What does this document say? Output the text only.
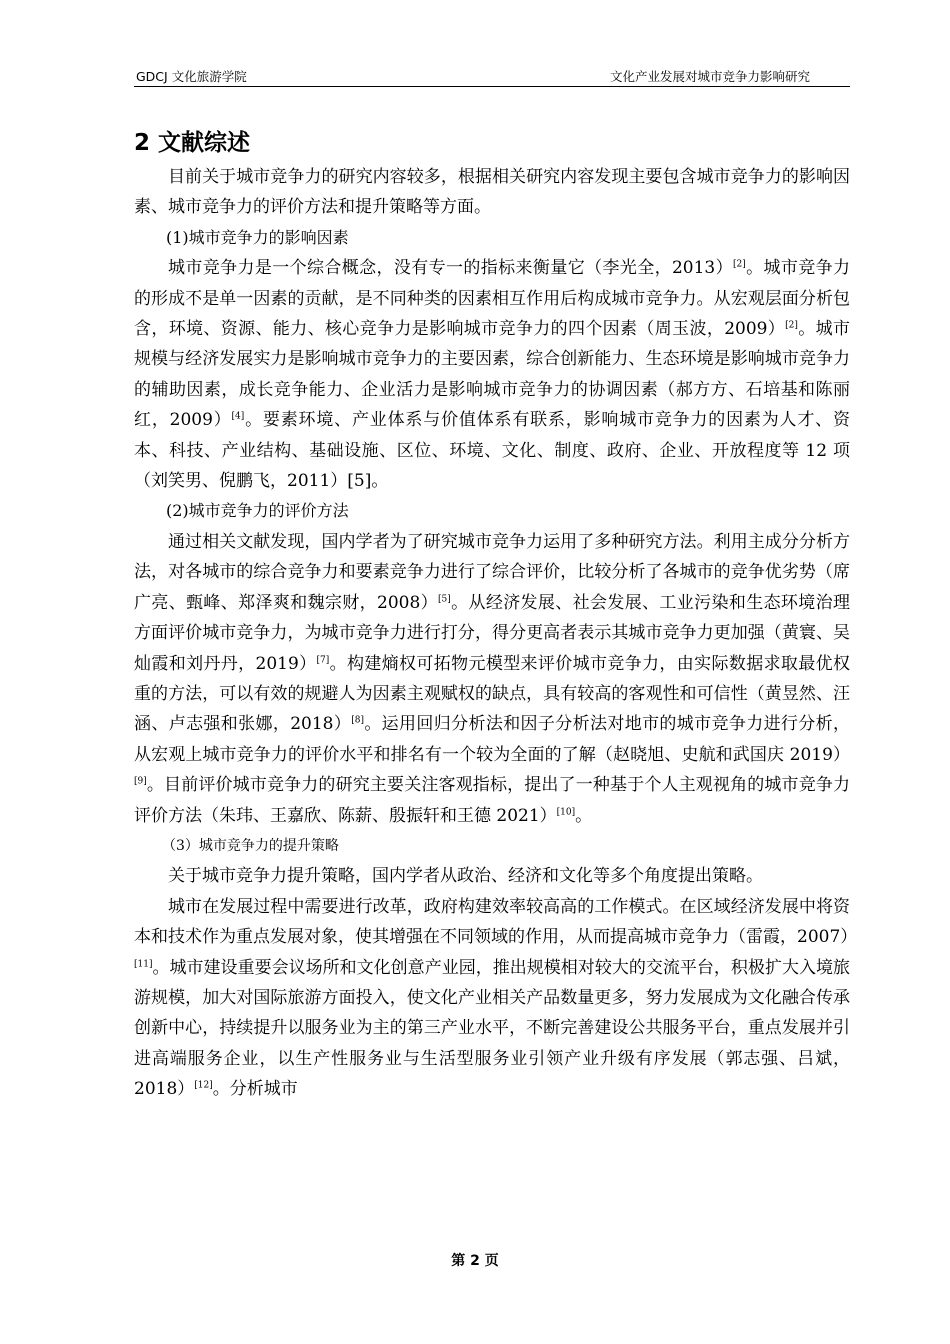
GDCJ 文化旅游学院	文化产业发展对城市竞争力影响研究
2 文献综述

目前关于城市竞争力的研究内容较多，根据相关研究内容发现主要包含城市竞争力的影响因素、城市竞争力的评价方法和提升策略等方面。

(1)城市竞争力的影响因素

城市竞争力是一个综合概念，没有专一的指标来衡量它（李光全，2013）[2]。城市竞争力的形成不是单一因素的贡献，是不同种类的因素相互作用后构成城市竞争力。从宏观层面分析包含，环境、资源、能力、核心竞争力是影响城市竞争力的四个因素（周玉波，2009）[2]。城市规模与经济发展实力是影响城市竞争力的主要因素，综合创新能力、生态环境是影响城市竞争力的辅助因素，成长竞争能力、企业活力是影响城市竞争力的协调因素（郝方方、石培基和陈丽红，2009）[4]。要素环境、产业体系与价值体系有联系，影响城市竞争力的因素为人才、资本、科技、产业结构、基础设施、区位、环境、文化、制度、政府、企业、开放程度等 12 项（刘笑男、倪鹏飞，2011）[5]。

(2)城市竞争力的评价方法

通过相关文献发现，国内学者为了研究城市竞争力运用了多种研究方法。利用主成分分析方法，对各城市的综合竞争力和要素竞争力进行了综合评价，比较分析了各城市的竞争优劣势（席广亮、甄峰、郑泽爽和魏宗财，2008）[5]。从经济发展、社会发展、工业污染和生态环境治理方面评价城市竞争力，为城市竞争力进行打分，得分更高者表示其城市竞争力更加强（黄寰、吴灿霞和刘丹丹，2019）[7]。构建熵权可拓物元模型来评价城市竞争力，由实际数据求取最优权重的方法，可以有效的规避人为因素主观赋权的缺点，具有较高的客观性和可信性（黄昱然、汪涵、卢志强和张娜，2018）[8]。运用回归分析法和因子分析法对地市的城市竞争力进行分析，从宏观上城市竞争力的评价水平和排名有一个较为全面的了解（赵晓旭、史航和武国庆 2019）[9]。目前评价城市竞争力的研究主要关注客观指标，提出了一种基于个人主观视角的城市竞争力评价方法（朱玮、王嘉欣、陈薪、殷振轩和王德 2021）[10]。

（3）城市竞争力的提升策略

关于城市竞争力提升策略，国内学者从政治、经济和文化等多个角度提出策略。

城市在发展过程中需要进行改革，政府构建效率较高高的工作模式。在区域经济发展中将资本和技术作为重点发展对象，使其增强在不同领域的作用，从而提高城市竞争力（雷霞，2007）[11]。城市建设重要会议场所和文化创意产业园，推出规模相对较大的交流平台，积极扩大入境旅游规模，加大对国际旅游方面投入，使文化产业相关产品数量更多，努力发展成为文化融合传承创新中心，持续提升以服务业为主的第三产业水平，不断完善建设公共服务平台，重点发展并引进高端服务企业，以生产性服务业与生活型服务业引领产业升级有序发展（郭志强、吕斌，2018）[12]。分析城市

第 2 页
